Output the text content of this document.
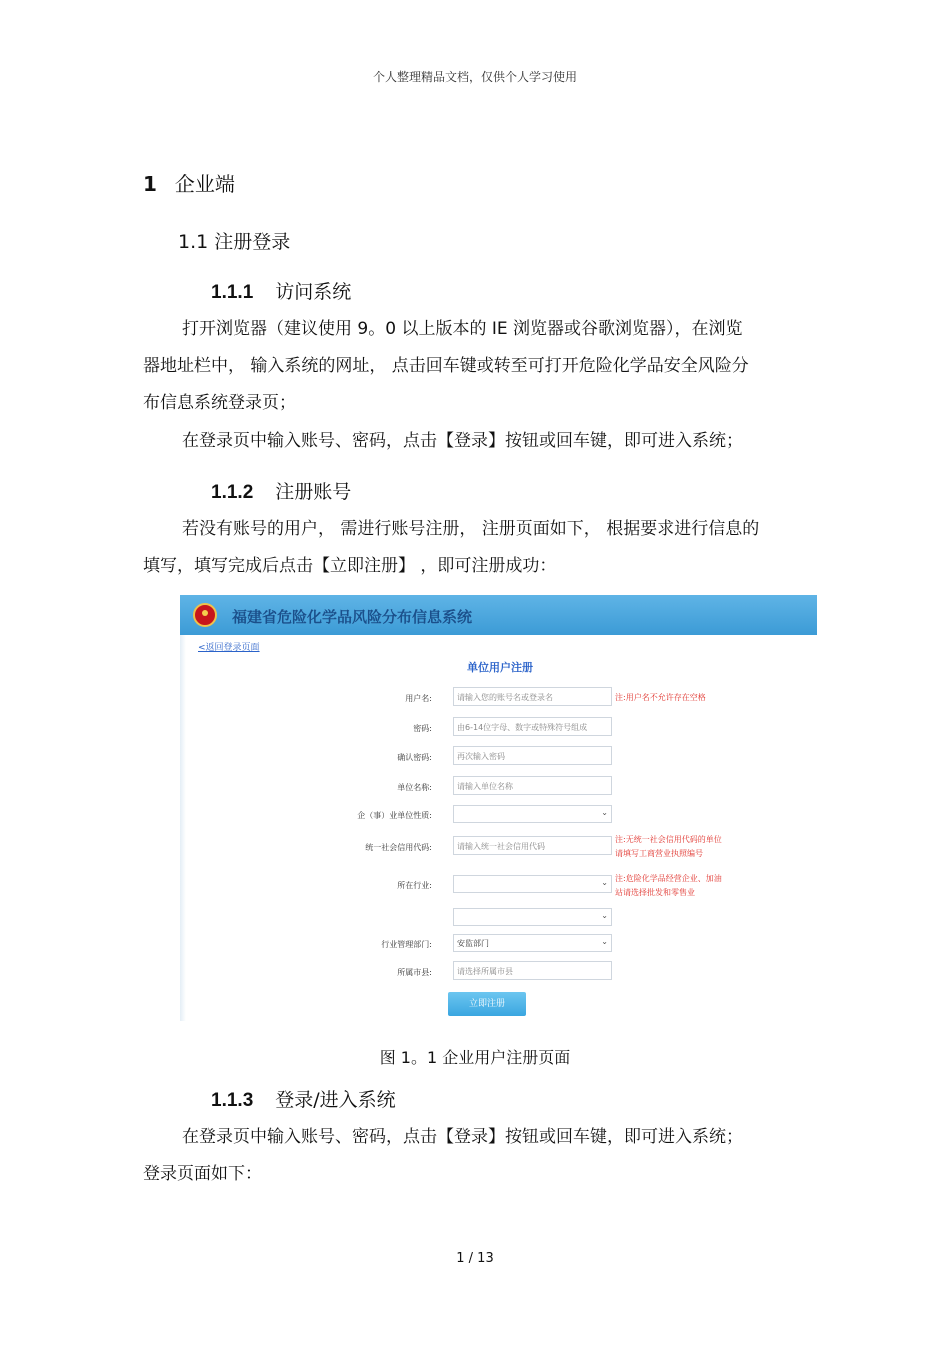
个人整理精品文档，仅供个人学习使用
1 企业端
1.1 注册登录
1.1.1 访问系统
打开浏览器（建议使用 9。0 以上版本的 IE 浏览器或谷歌浏览器），在浏览
器地址栏中， 输入系统的网址， 点击回车键或转至可打开危险化学品安全风险分
布信息系统登录页；
在登录页中输入账号、密码，点击【登录】按钮或回车键，即可进入系统；
1.1.2 注册账号
若没有账号的用户， 需进行账号注册， 注册页面如下， 根据要求进行信息的
填写，填写完成后点击【立即注册】 ，即可注册成功：
福建省危险化学品风险分布信息系统
<返回登录页面
单位用户注册
用户名:	请输入您的账号名或登录名	注:用户名不允许存在空格
密码:	由6-14位字母、数字或特殊符号组成
确认密码:	再次输入密码
单位名称:	请输入单位名称
企（事）业单位性质:	⌄
统一社会信用代码:	请输入统一社会信用代码
注:无统一社会信用代码的单位
请填写工商营业执照编号
所在行业:	⌄ 注:危险化学品经营企业、加油
站请选择批发和零售业
⌄
行业管理部门:	安监部门	⌄
所属市县:	请选择所属市县
立即注册
图 1。1 企业用户注册页面
1.1.3 登录/进入系统
在登录页中输入账号、密码，点击【登录】按钮或回车键，即可进入系统；
登录页面如下：
1 / 13
